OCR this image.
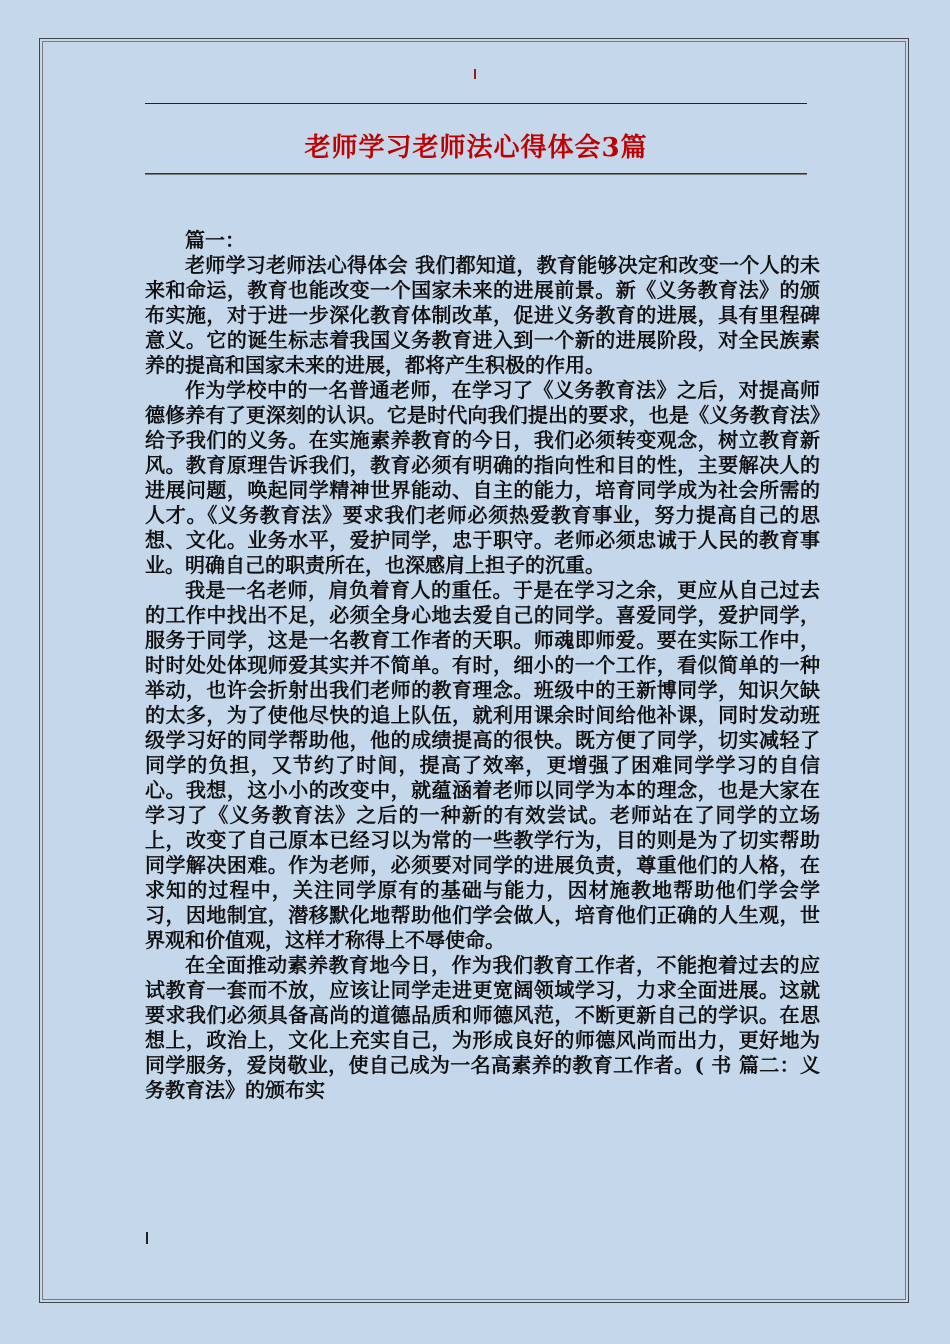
老师学习老师法心得体会3篇

篇一：

老师学习老师法心得体会 我们都知道，教育能够决定和改变一个人的未来和命运，教育也能改变一个国家未来的进展前景。新《义务教育法》的颁布实施，对于进一步深化教育体制改革，促进义务教育的进展，具有里程碑意义。它的诞生标志着我国义务教育进入到一个新的进展阶段，对全民族素养的提高和国家未来的进展，都将产生积极的作用。

作为学校中的一名普通老师，在学习了《义务教育法》之后，对提高师德修养有了更深刻的认识。它是时代向我们提出的要求，也是《义务教育法》给予我们的义务。在实施素养教育的今日，我们必须转变观念，树立教育新风。教育原理告诉我们，教育必须有明确的指向性和目的性，主要解决人的进展问题，唤起同学精神世界能动、自主的能力，培育同学成为社会所需的人才。《义务教育法》要求我们老师必须热爱教育事业，努力提高自己的思想、文化。业务水平，爱护同学，忠于职守。老师必须忠诚于人民的教育事业。明确自己的职责所在，也深感肩上担子的沉重。

我是一名老师，肩负着育人的重任。于是在学习之余，更应从自己过去的工作中找出不足，必须全身心地去爱自己的同学。喜爱同学，爱护同学，服务于同学，这是一名教育工作者的天职。师魂即师爱。要在实际工作中，时时处处体现师爱其实并不简单。有时，细小的一个工作，看似简单的一种举动，也许会折射出我们老师的教育理念。班级中的王新博同学，知识欠缺的太多，为了使他尽快的追上队伍，就利用课余时间给他补课，同时发动班级学习好的同学帮助他，他的成绩提高的很快。既方便了同学，切实减轻了同学的负担，又节约了时间，提高了效率，更增强了困难同学学习的自信心。我想，这小小的改变中，就蕴涵着老师以同学为本的理念，也是大家在学习了《义务教育法》之后的一种新的有效尝试。老师站在了同学的立场上，改变了自己原本已经习以为常的一些教学行为，目的则是为了切实帮助同学解决困难。作为老师，必须要对同学的进展负责，尊重他们的人格，在求知的过程中，关注同学原有的基础与能力，因材施教地帮助他们学会学习，因地制宜，潜移默化地帮助他们学会做人，培育他们正确的人生观，世界观和价值观，这样才称得上不辱使命。

在全面推动素养教育地今日，作为我们教育工作者，不能抱着过去的应试教育一套而不放，应该让同学走进更宽阔领域学习，力求全面进展。这就要求我们必须具备高尚的道德品质和师德风范，不断更新自己的学识。在思想上，政治上，文化上充实自己，为形成良好的师德风尚而出力，更好地为同学服务，爱岗敬业，使自己成为一名高素养的教育工作者。( 书 篇二：义务教育法》的颁布实
